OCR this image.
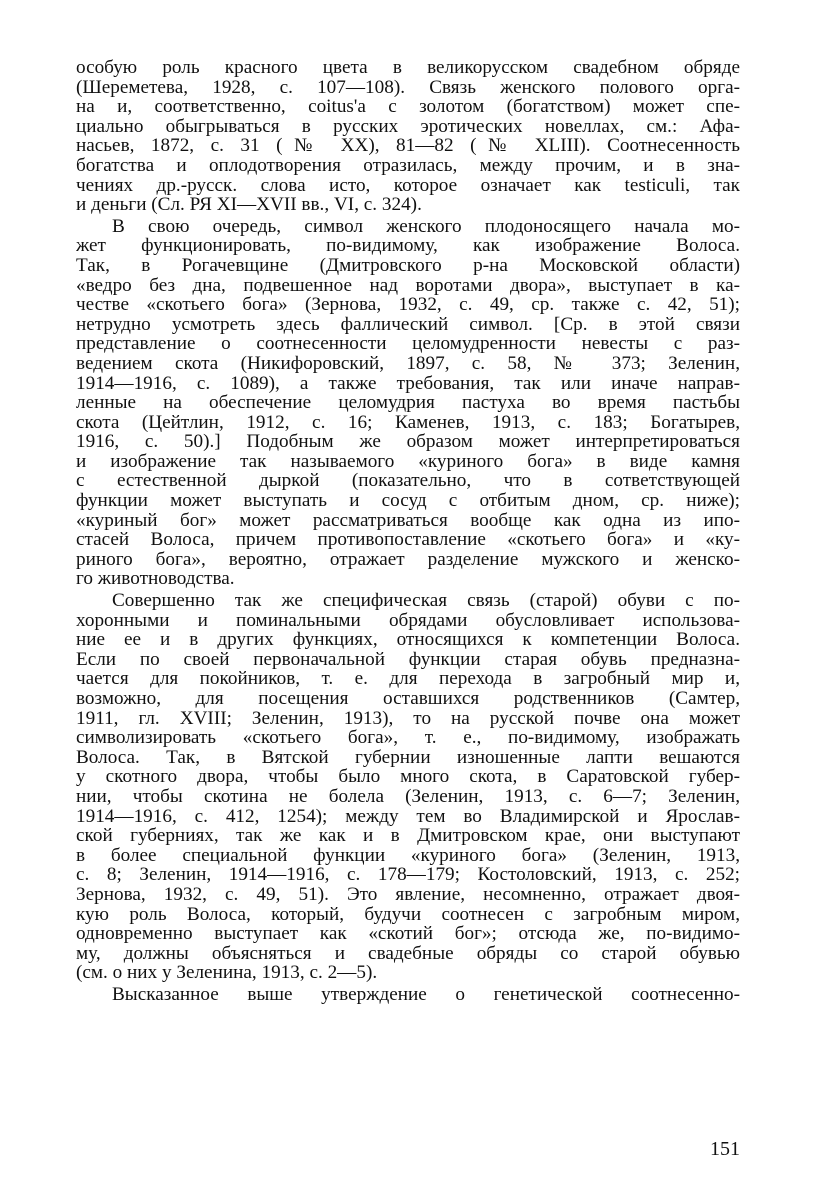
особую роль красного цвета в великорусском свадебном обряде
(Шереметева, 1928, с. 107—108). Связь женского полового орга-
на и, соответственно, coitus'а с золотом (богатством) может спе-
циально обыгрываться в русских эротических новеллах, см.: Афа-
насьев, 1872, с. 31 (№ XX), 81—82 (№ XLIII). Соотнесенность
богатства и оплодотворения отразилась, между прочим, и в зна-
чениях др.-русск. слова исто, которое означает как testiculi, так
и деньги (Сл. РЯ XI—XVII вв., VI, с. 324).
В свою очередь, символ женского плодоносящего начала мо-
жет функционировать, по-видимому, как изображение Волоса.
Так, в Рогачевщине (Дмитровского р-на Московской области)
«ведро без дна, подвешенное над воротами двора», выступает в ка-
честве «скотьего бога» (Зернова, 1932, с. 49, ср. также с. 42, 51);
нетрудно усмотреть здесь фаллический символ. [Ср. в этой связи
представление о соотнесенности целомудренности невесты с раз-
ведением скота (Никифоровский, 1897, с. 58, № 373; Зеленин,
1914—1916, с. 1089), а также требования, так или иначе направ-
ленные на обеспечение целомудрия пастуха во время пастьбы
скота (Цейтлин, 1912, с. 16; Каменев, 1913, с. 183; Богатырев,
1916, с. 50).] Подобным же образом может интерпретироваться
и изображение так называемого «куриного бога» в виде камня
с естественной дыркой (показательно, что в сответствующей
функции может выступать и сосуд с отбитым дном, ср. ниже);
«куриный бог» может рассматриваться вообще как одна из ипо-
стасей Волоса, причем противопоставление «скотьего бога» и «ку-
риного бога», вероятно, отражает разделение мужского и женско-
го животноводства.
Совершенно так же специфическая связь (старой) обуви с по-
хоронными и поминальными обрядами обусловливает использова-
ние ее и в других функциях, относящихся к компетенции Волоса.
Если по своей первоначальной функции старая обувь предназна-
чается для покойников, т. е. для перехода в загробный мир и,
возможно, для посещения оставшихся родственников (Самтер,
1911, гл. XVIII; Зеленин, 1913), то на русской почве она может
символизировать «скотьего бога», т. е., по-видимому, изображать
Волоса. Так, в Вятской губернии изношенные лапти вешаются
у скотного двора, чтобы было много скота, в Саратовской губер-
нии, чтобы скотина не болела (Зеленин, 1913, с. 6—7; Зеленин,
1914—1916, с. 412, 1254); между тем во Владимирской и Ярослав-
ской губерниях, так же как и в Дмитровском крае, они выступают
в более специальной функции «куриного бога» (Зеленин, 1913,
с. 8; Зеленин, 1914—1916, с. 178—179; Костоловский, 1913, с. 252;
Зернова, 1932, с. 49, 51). Это явление, несомненно, отражает двоя-
кую роль Волоса, который, будучи соотнесен с загробным миром,
одновременно выступает как «скотий бог»; отсюда же, по-видимо-
му, должны объясняться и свадебные обряды со старой обувью
(см. о них у Зеленина, 1913, с. 2—5).
Высказанное выше утверждение о генетической соотнесенно-
151
